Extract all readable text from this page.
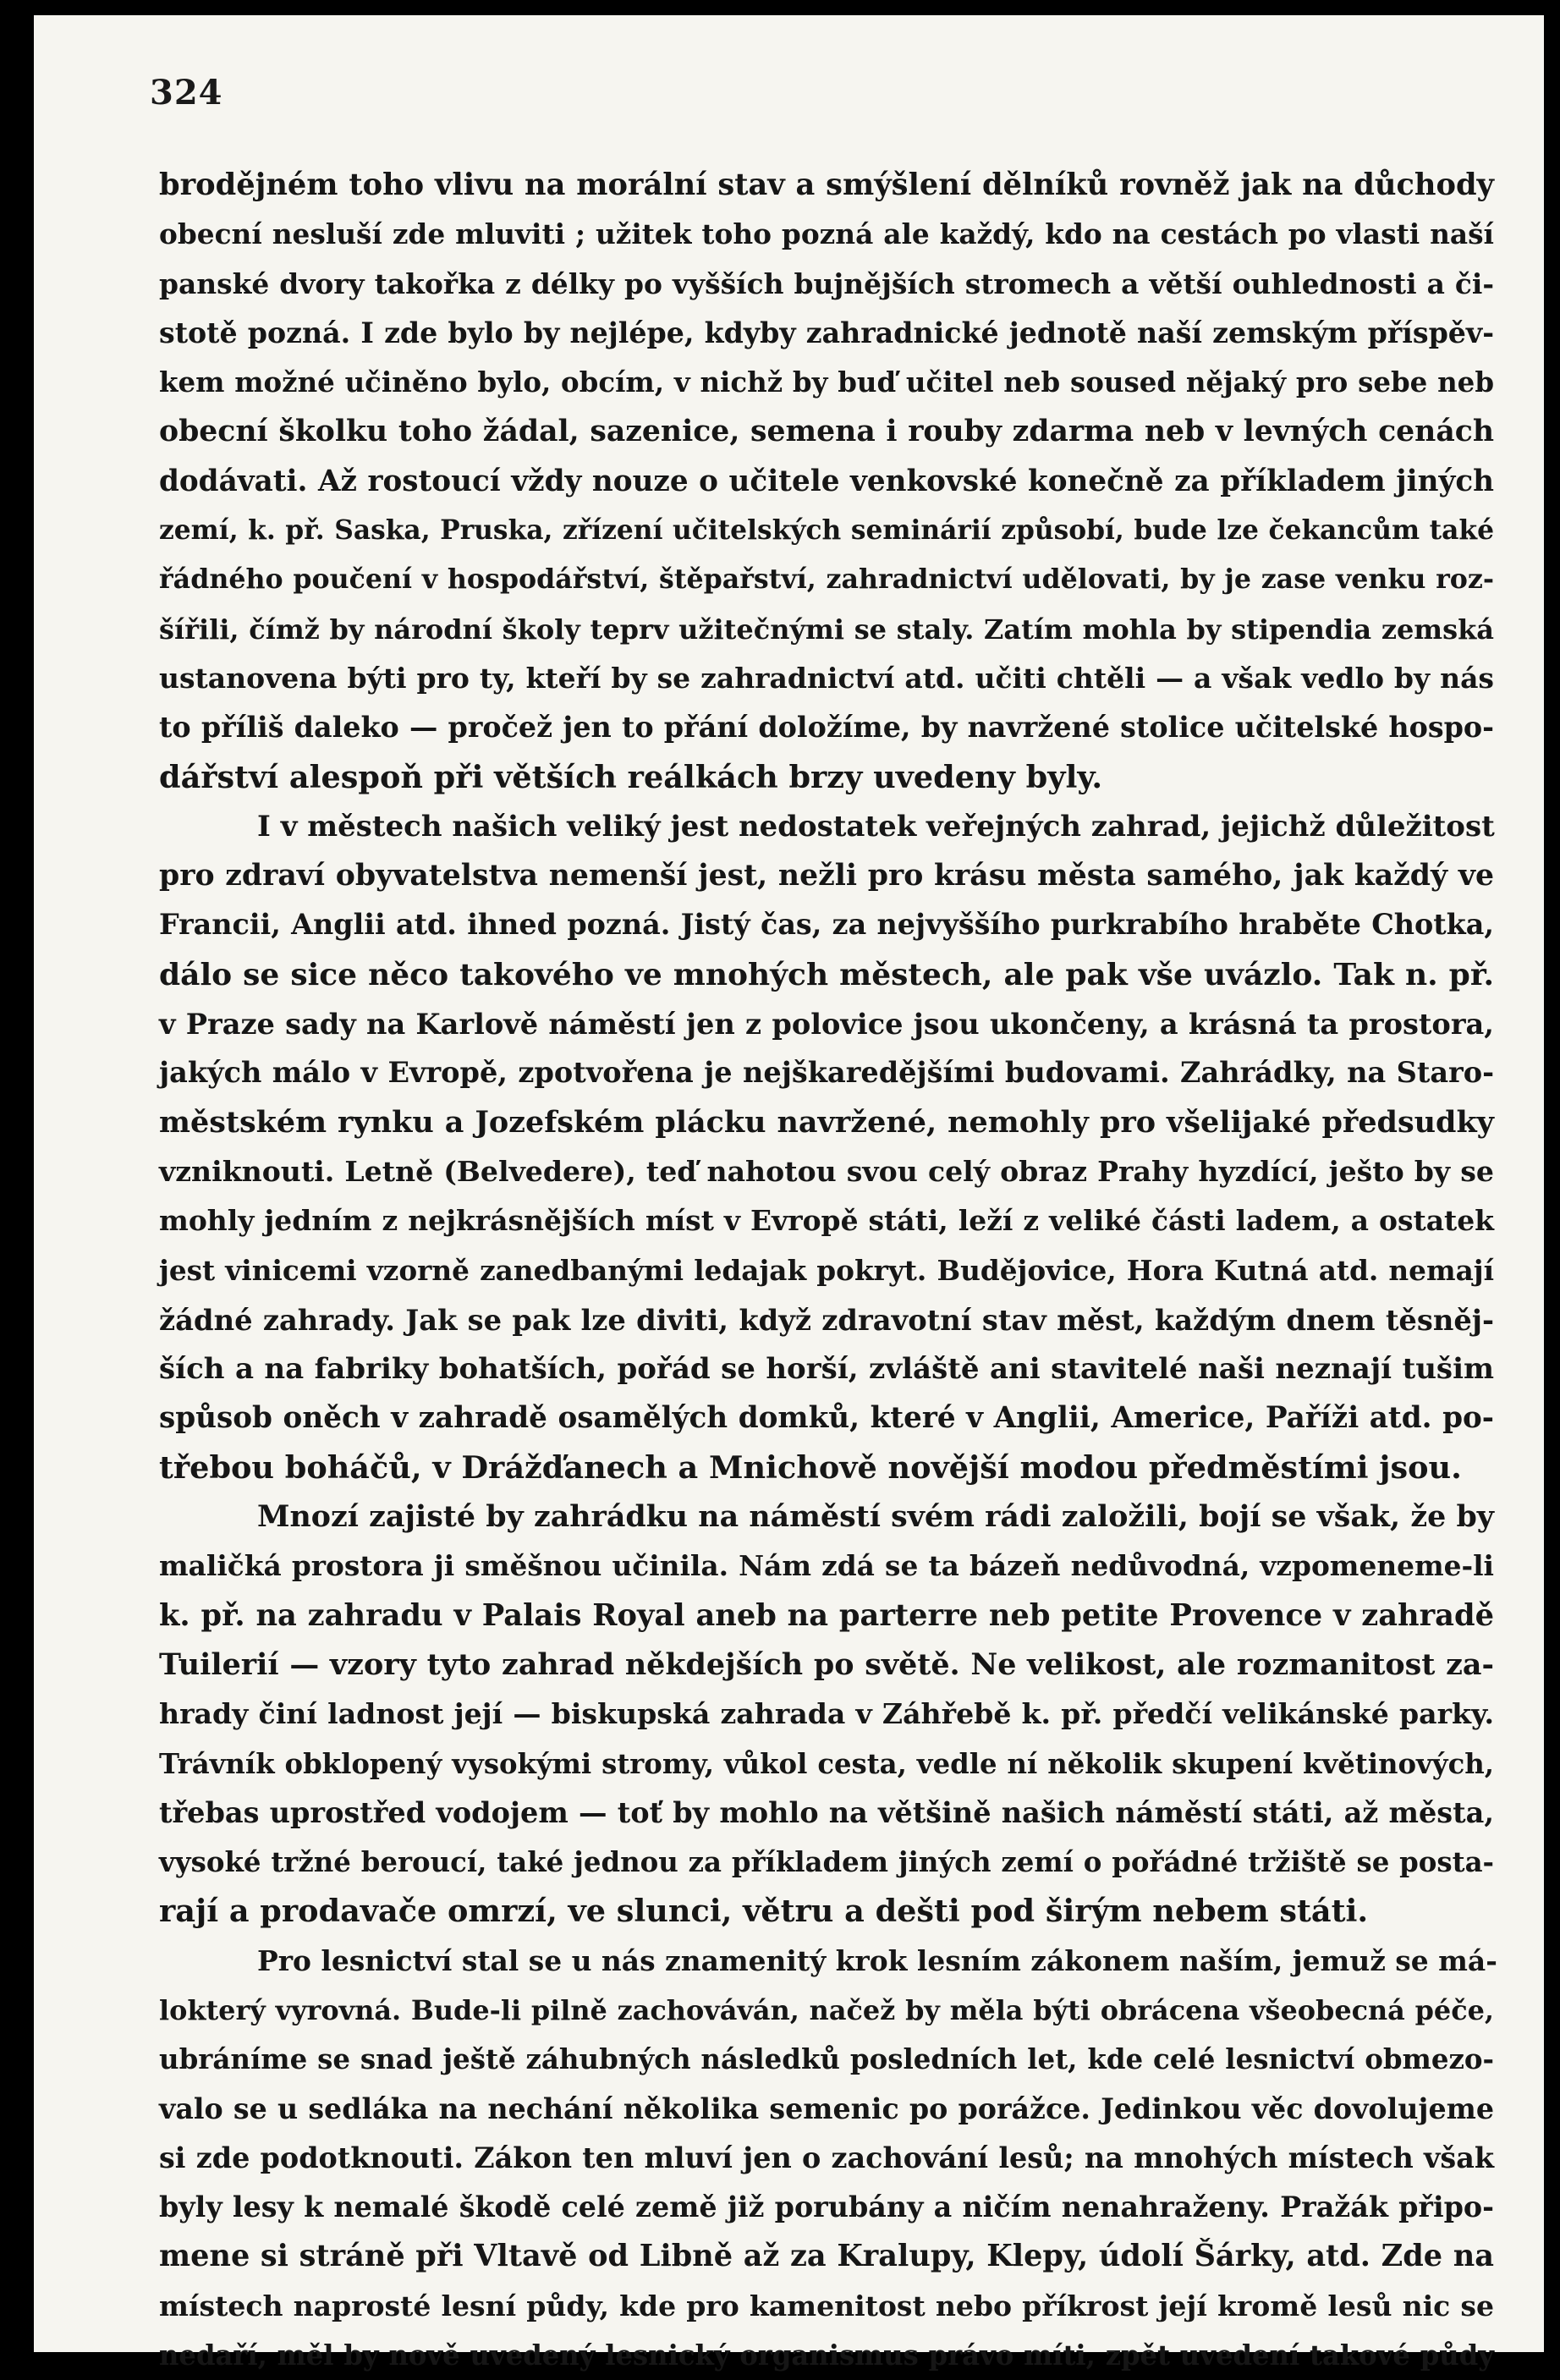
324
brodějném toho vlivu na morální stav a smýšlení dělníků rovněž jak na důchody
obecní nesluší zde mluviti ; užitek toho pozná ale každý, kdo na cestách po vlasti naší
panské dvory takořka z délky po vyšších bujnějších stromech a větší ouhlednosti a či-
stotě pozná. I zde bylo by nejlépe, kdyby zahradnické jednotě naší zemským příspěv-
kem možné učiněno bylo, obcím, v nichž by buď učitel neb soused nějaký pro sebe neb
obecní školku toho žádal, sazenice, semena i rouby zdarma neb v levných cenách
dodávati. Až rostoucí vždy nouze o učitele venkovské konečně za příkladem jiných
zemí, k. př. Saska, Pruska, zřízení učitelských seminárií způsobí, bude lze čekancům také
řádného poučení v hospodářství, štěpařství, zahradnictví udělovati, by je zase venku roz-
šířili, čímž by národní školy teprv užitečnými se staly. Zatím mohla by stipendia zemská
ustanovena býti pro ty, kteří by se zahradnictví atd. učiti chtěli — a však vedlo by nás
to příliš daleko — pročež jen to přání doložíme, by navržené stolice učitelské hospo-
dářství alespoň při větších reálkách brzy uvedeny byly.
I v městech našich veliký jest nedostatek veřejných zahrad, jejichž důležitost
pro zdraví obyvatelstva nemenší jest, nežli pro krásu města samého, jak každý ve
Francii, Anglii atd. ihned pozná. Jistý čas, za nejvyššího purkrabího hraběte Chotka,
dálo se sice něco takového ve mnohých městech, ale pak vše uvázlo. Tak n. př.
v Praze sady na Karlově náměstí jen z polovice jsou ukončeny, a krásná ta prostora,
jakých málo v Evropě, zpotvořena je nejškaredějšími budovami. Zahrádky, na Staro-
městském rynku a Jozefském plácku navržené, nemohly pro všelijaké předsudky
vzniknouti. Letně (Belvedere), teď nahotou svou celý obraz Prahy hyzdící, ješto by se
mohly jedním z nejkrásnějších míst v Evropě státi, leží z veliké části ladem, a ostatek
jest vinicemi vzorně zanedbanými ledajak pokryt. Budějovice, Hora Kutná atd. nemají
žádné zahrady. Jak se pak lze diviti, když zdravotní stav měst, každým dnem těsněj-
ších a na fabriky bohatších, pořád se horší, zvláště ani stavitelé naši neznají tušim
spůsob oněch v zahradě osamělých domků, které v Anglii, Americe, Paříži atd. po-
třebou boháčů, v Drážďanech a Mnichově novější modou předměstími jsou.
Mnozí zajisté by zahrádku na náměstí svém rádi založili, bojí se však, že by
maličká prostora ji směšnou učinila. Nám zdá se ta bázeň nedůvodná, vzpomeneme-li
k. př. na zahradu v Palais Royal aneb na parterre neb petite Provence v zahradě
Tuilerií — vzory tyto zahrad někdejších po světě. Ne velikost, ale rozmanitost za-
hrady činí ladnost její — biskupská zahrada v Záhřebě k. př. předčí velikánské parky.
Trávník obklopený vysokými stromy, vůkol cesta, vedle ní několik skupení květinových,
třebas uprostřed vodojem — toť by mohlo na většině našich náměstí státi, až města,
vysoké tržné beroucí, také jednou za příkladem jiných zemí o pořádné tržiště se posta-
rají a prodavače omrzí, ve slunci, větru a dešti pod širým nebem státi.
Pro lesnictví stal se u nás znamenitý krok lesním zákonem naším, jemuž se má-
lokterý vyrovná. Bude-li pilně zachováván, načež by měla býti obrácena všeobecná péče,
ubráníme se snad ještě záhubných následků posledních let, kde celé lesnictví obmezo-
valo se u sedláka na nechání několika semenic po porážce. Jedinkou věc dovolujeme
si zde podotknouti. Zákon ten mluví jen o zachování lesů; na mnohých místech však
byly lesy k nemalé škodě celé země již porubány a ničím nenahraženy. Pražák připo-
mene si stráně při Vltavě od Libně až za Kralupy, Klepy, údolí Šárky, atd. Zde na
místech naprosté lesní půdy, kde pro kamenitost nebo příkrost její kromě lesů nic se
nedaří, měl by nově uvedený lesnický organismus právo míti, zpět uvedení takové půdy
